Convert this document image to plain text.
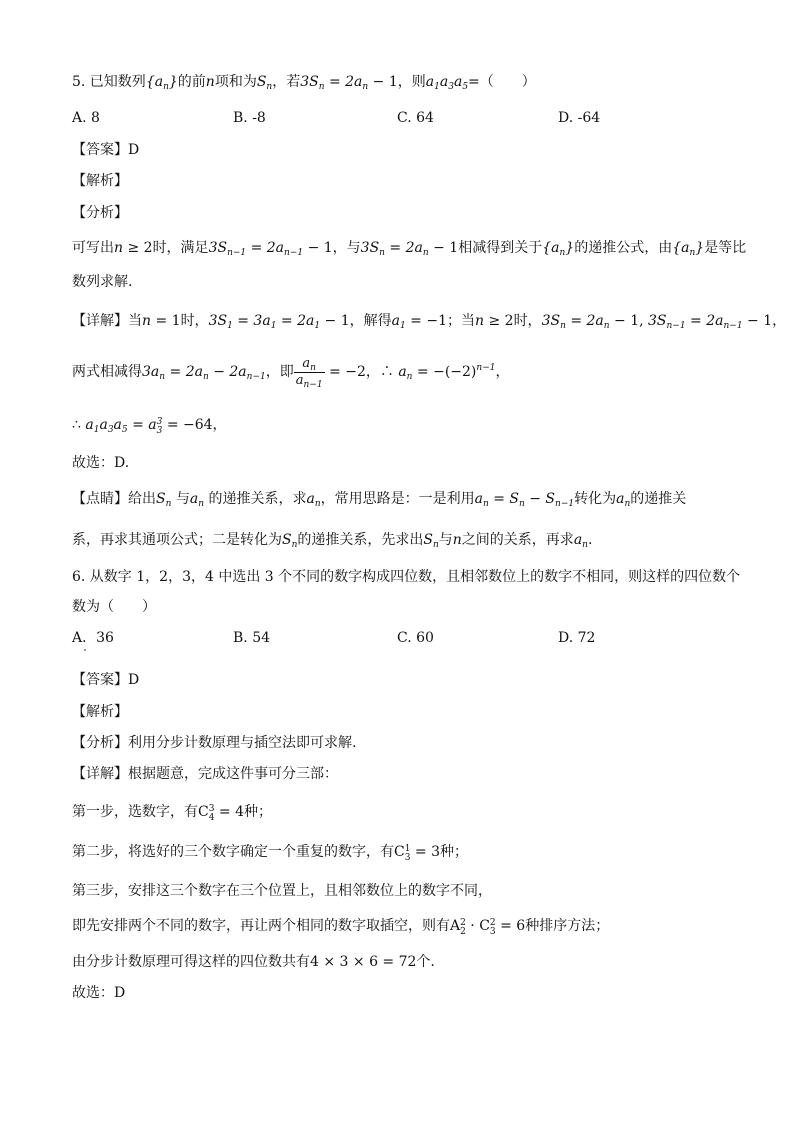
5. 已知数列$\{a_n\}$的前n项和为$S_n$，若$3S_n = 2a_n - 1$，则$a_1a_3a_5=$（　　）
A. 8	B. -8	C. 64	D. -64
【答案】D
【解析】
【分析】
可写出n ≥ 2时，满足$3S_{n-1} = 2a_{n-1} - 1$，与$3S_n = 2a_n - 1$相减得到关于$\{a_n\}$的递推公式，由$\{a_n\}$是等比
数列求解.
【详解】当n = 1时，$3S_1 = 3a_1 = 2a_1 - 1$，解得$a_1 = -1$；当n ≥ 2时，$3S_n = 2a_n - 1$, $3S_{n-1} = 2a_{n-1} - 1$，
两式相减得$3a_n = 2a_n - 2a_{n-1}$，即 $\frac{a_n}{a_{n-1}} = -2$，∴ $a_n = -(-2)^{n-1}$，
∴ $a_1a_3a_5 = a$ 3
3 = −64，
故选：D.
【点睛】给出$S_n$ 与$a_n$ 的递推关系，求$a_n$，常用思路是：一是利用$a_n = S_n - S_{n-1}$转化为$a_n$的递推关
系，再求其通项公式；二是转化为$S_n$的递推关系，先求出$S_n$与n之间的关系，再求$a_n$.
6. 从数字 1，2，3，4 中选出 3 个不同的数字构成四位数，且相邻数位上的数字不相同，则这样的四位数个
数为（　　）
A．36	B. 54	C. 60	D. 72
【答案】D
【解析】
【分析】利用分步计数原理与插空法即可求解.
【详解】根据题意，完成这件事可分三部：
第一步，选数字，有C 3
4 = 4种；
第二步，将选好的三个数字确定一个重复的数字，有C 1
3 = 3种；
第三步，安排这三个数字在三个位置上，且相邻数位上的数字不同，
即先安排两个不同的数字，再让两个相同的数字取插空，则有A 2
2 · C 2
3 = 6种排序方法；
由分步计数原理可得这样的四位数共有4 × 3 × 6 = 72个.
故选：D
